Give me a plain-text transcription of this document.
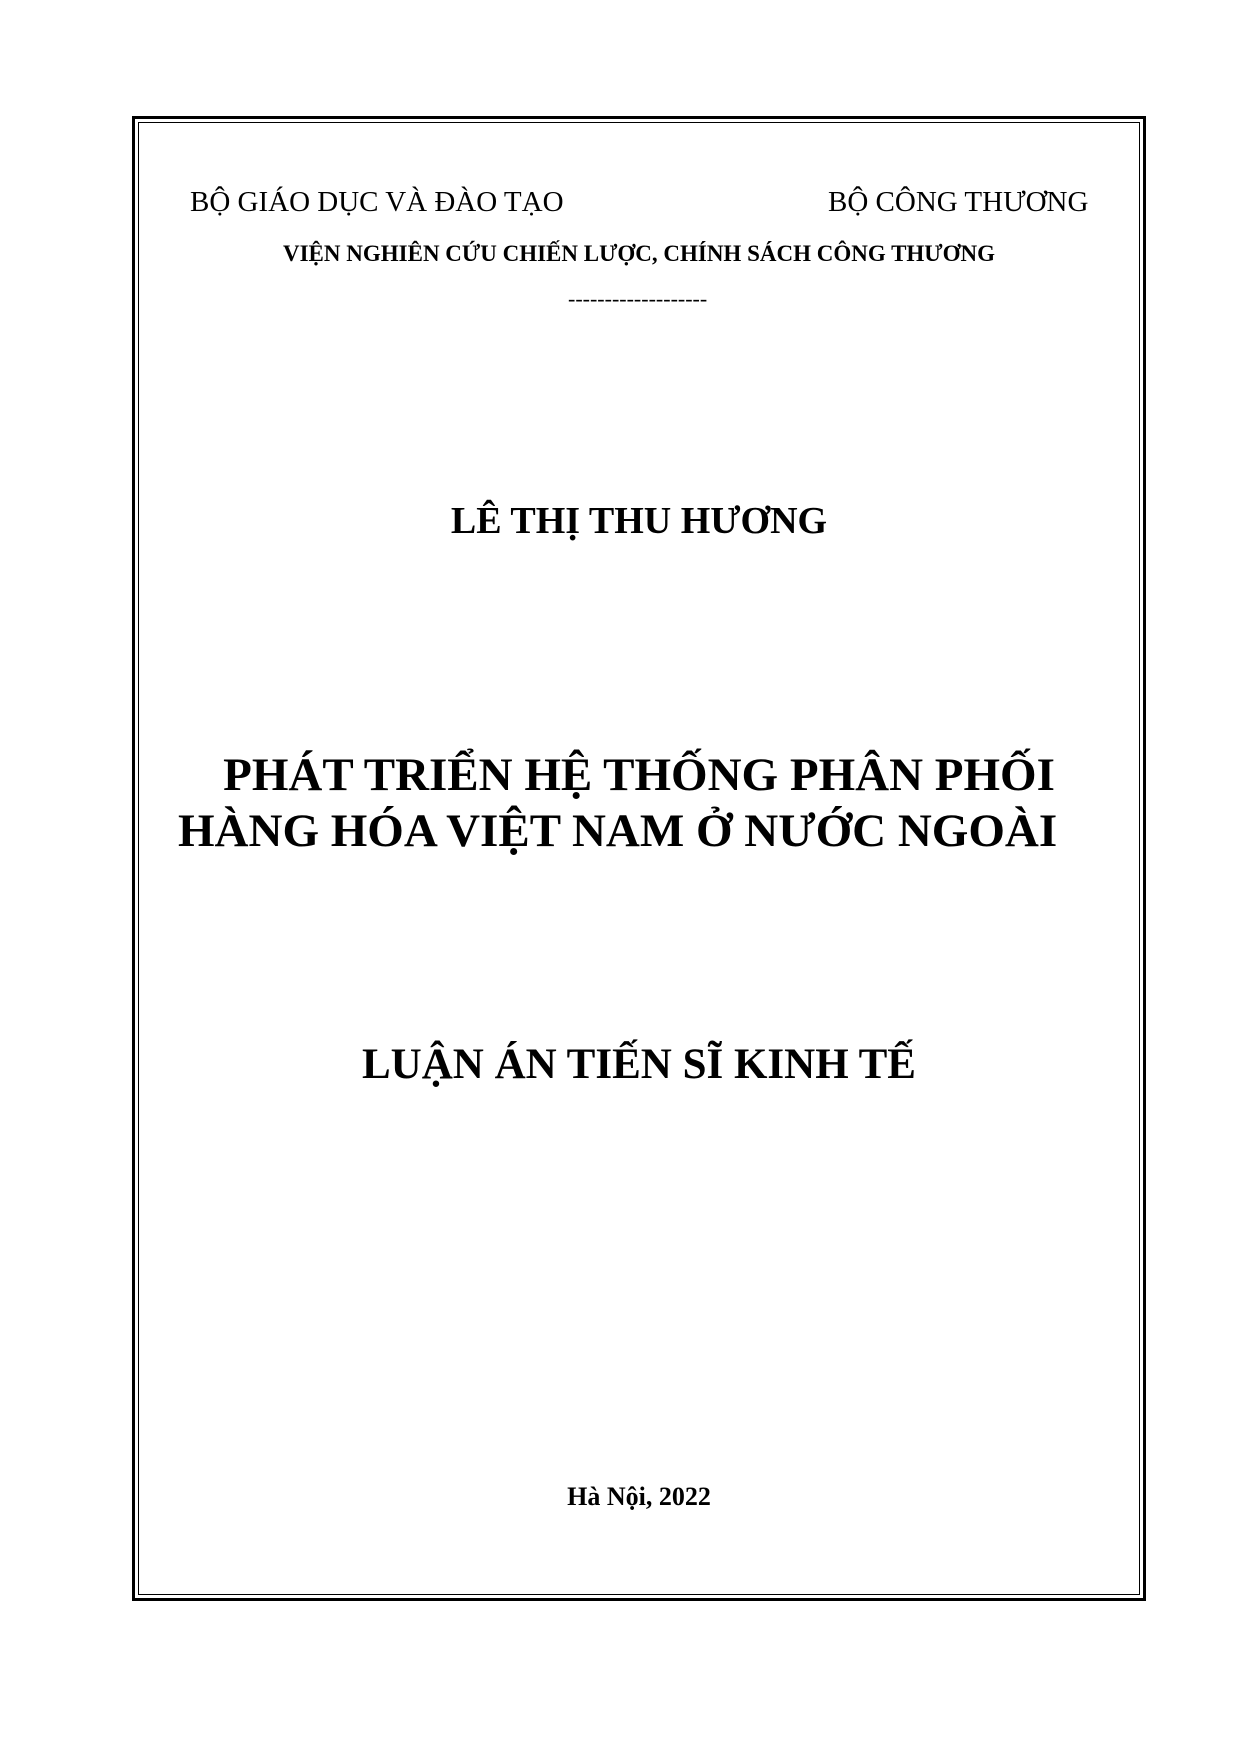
BỘ GIÁO DỤC VÀ ĐÀO TẠO	BỘ CÔNG THƯƠNG
VIỆN NGHIÊN CỨU CHIẾN LƯỢC, CHÍNH SÁCH CÔNG THƯƠNG
-------------------
LÊ THỊ THU HƯƠNG
PHÁT TRIỂN HỆ THỐNG PHÂN PHỐI
HÀNG HÓA VIỆT NAM Ở NƯỚC NGOÀI
LUẬN ÁN TIẾN SĨ KINH TẾ
Hà Nội, 2022
